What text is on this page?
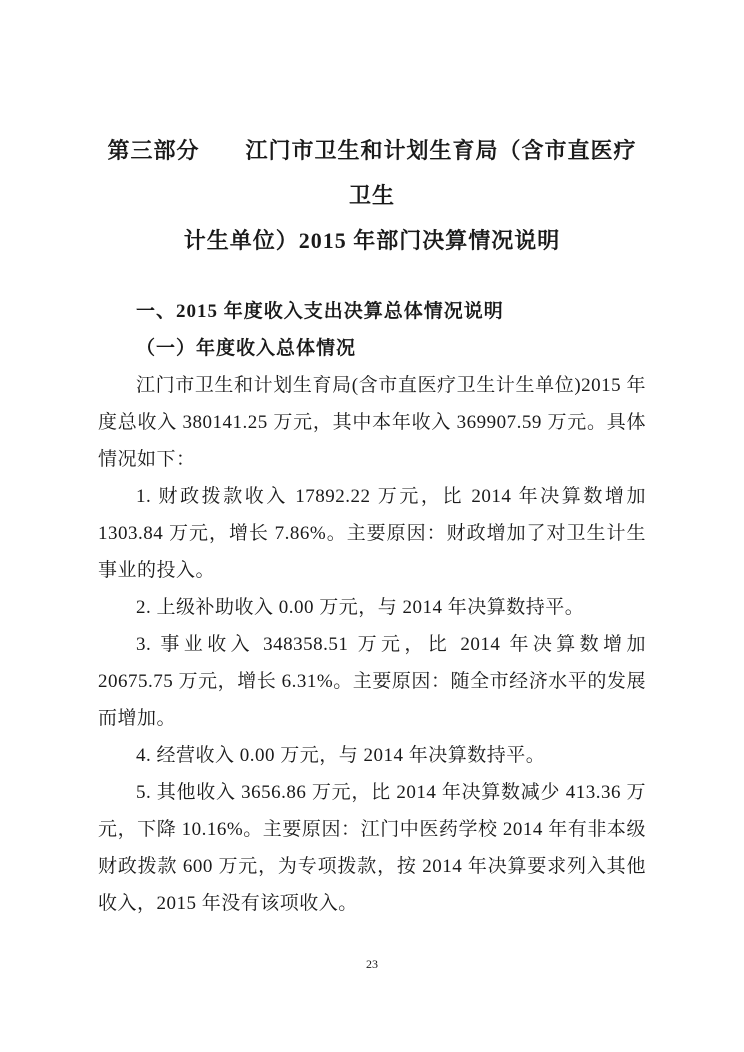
第三部分　　江门市卫生和计划生育局（含市直医疗卫生
计生单位）2015 年部门决算情况说明

一、2015 年度收入支出决算总体情况说明

（一）年度收入总体情况

江门市卫生和计划生育局(含市直医疗卫生计生单位)2015 年度总收入 380141.25 万元，其中本年收入 369907.59 万元。具体情况如下：

1. 财政拨款收入 17892.22 万元，比 2014 年决算数增加 1303.84 万元，增长 7.86%。主要原因：财政增加了对卫生计生事业的投入。

2. 上级补助收入 0.00 万元，与 2014 年决算数持平。

3. 事业收入 348358.51 万元，比 2014 年决算数增加 20675.75 万元，增长 6.31%。主要原因：随全市经济水平的发展而增加。

4. 经营收入 0.00 万元，与 2014 年决算数持平。

5. 其他收入 3656.86 万元，比 2014 年决算数减少 413.36 万元，下降 10.16%。主要原因：江门中医药学校 2014 年有非本级财政拨款 600 万元，为专项拨款，按 2014 年决算要求列入其他收入，2015 年没有该项收入。

23
